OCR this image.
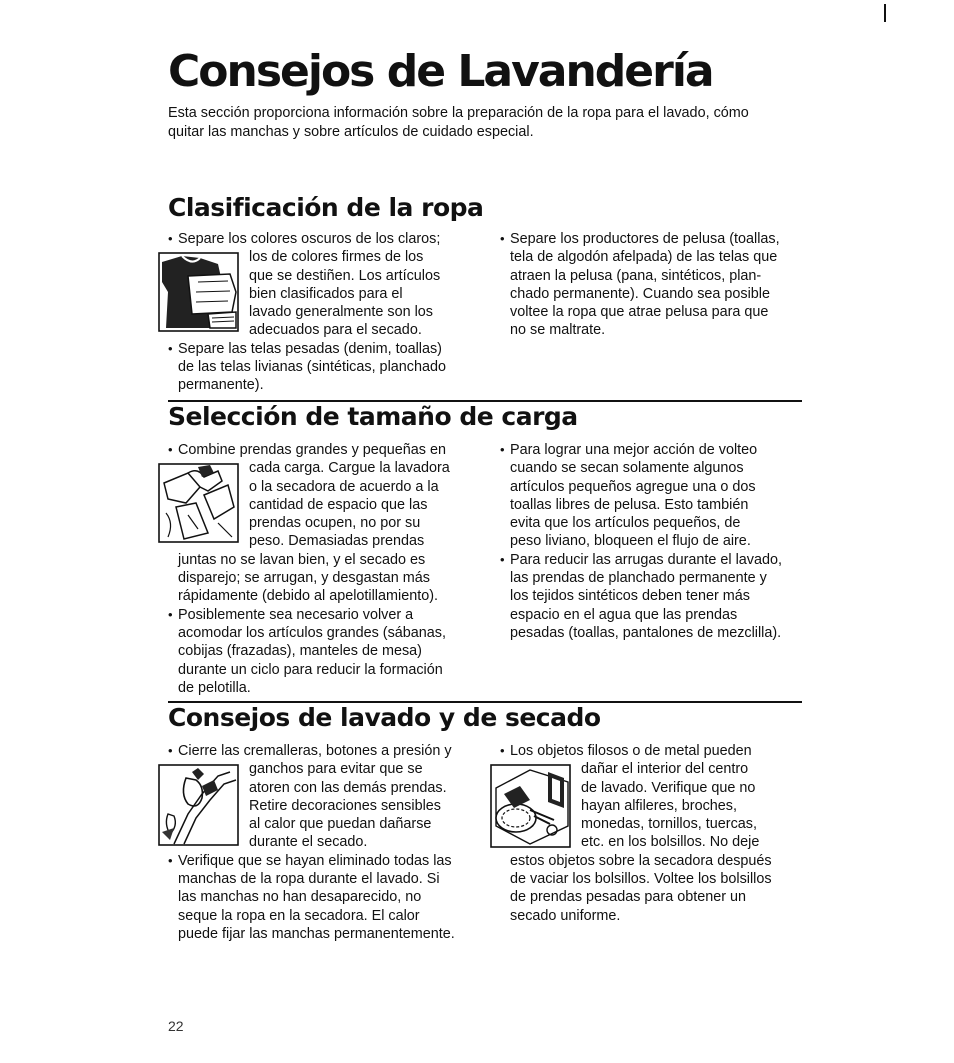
Consejos de Lavandería
Esta sección proporciona información sobre la preparación de la ropa para el lavado, cómo
quitar las manchas y sobre artículos de cuidado especial.
Clasificación de la ropa

• Separe los colores oscuros de los claros;

los de colores firmes de los
que se destiñen. Los artículos
bien clasificados para el
lavado generalmente son los
adecuados para el secado.

• Separe las telas pesadas (denim, toallas)
de las telas livianas (sintéticas, planchado
permanente).

• Separe los productores de pelusa (toallas,
tela de algodón afelpada) de las telas que
atraen la pelusa (pana, sintéticos, plan-
chado permanente). Cuando sea posible
voltee la ropa que atrae pelusa para que
no se maltrate.

Selección de tamaño de carga

• Combine prendas grandes y pequeñas en

cada carga. Cargue la lavadora
o la secadora de acuerdo a la
cantidad de espacio que las
prendas ocupen, no por su
peso. Demasiadas prendas

juntas no se lavan bien, y el secado es
disparejo; se arrugan, y desgastan más
rápidamente (debido al apelotillamiento).

• Posiblemente sea necesario volver a
acomodar los artículos grandes (sábanas,
cobijas (frazadas), manteles de mesa)
durante un ciclo para reducir la formación
de pelotilla.

• Para lograr una mejor acción de volteo
cuando se secan solamente algunos
artículos pequeños agregue una o dos
toallas libres de pelusa. Esto también
evita que los artículos pequeños, de
peso liviano, bloqueen el flujo de aire.

• Para reducir las arrugas durante el lavado,
las prendas de planchado permanente y
los tejidos sintéticos deben tener más
espacio en el agua que las prendas
pesadas (toallas, pantalones de mezclilla).

Consejos de lavado y de secado

• Cierre las cremalleras, botones a presión y

ganchos para evitar que se
atoren con las demás prendas.
Retire decoraciones sensibles
al calor que puedan dañarse
durante el secado.

• Verifique que se hayan eliminado todas las
manchas de la ropa durante el lavado. Si
las manchas no han desaparecido, no
seque la ropa en la secadora. El calor
puede fijar las manchas permanentemente.

• Los objetos filosos o de metal pueden

dañar el interior del centro
de lavado. Verifique que no
hayan alfileres, broches,
monedas, tornillos, tuercas,
etc. en los bolsillos. No deje

estos objetos sobre la secadora después
de vaciar los bolsillos. Voltee los bolsillos
de prendas pesadas para obtener un
secado uniforme.

22
